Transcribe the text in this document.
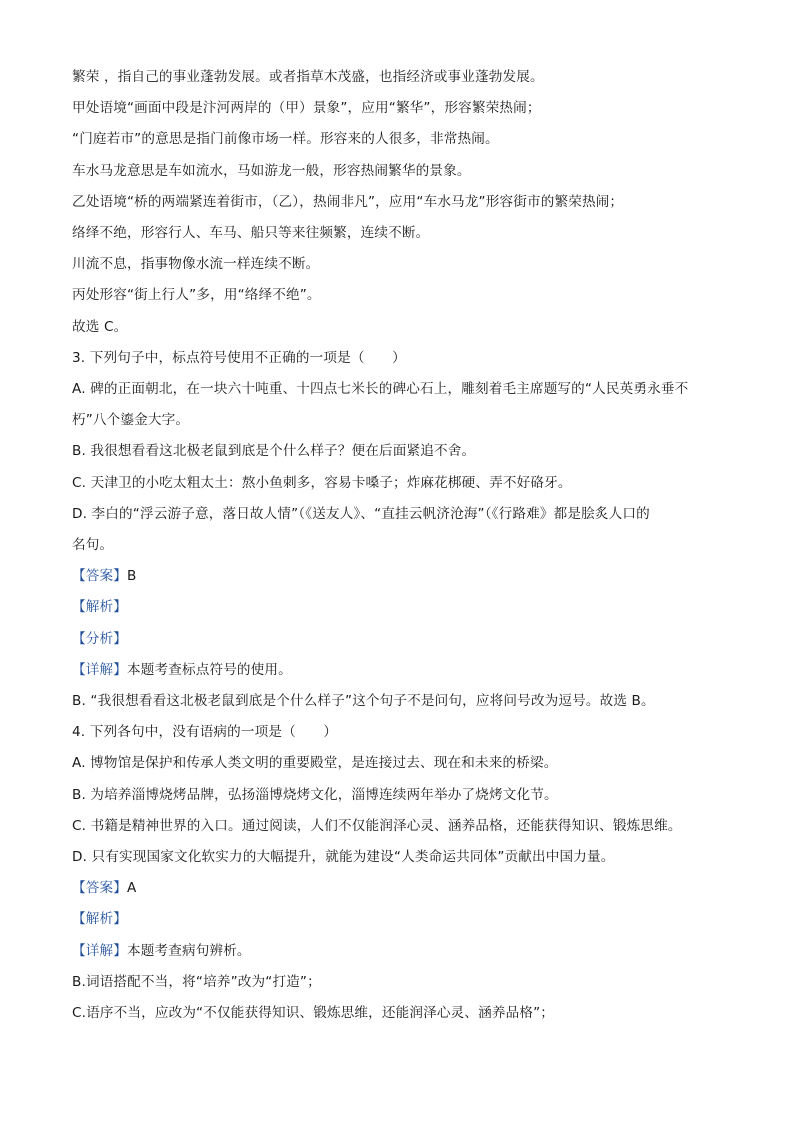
繁荣 ，指自己的事业蓬勃发展。或者指草木茂盛，也指经济或事业蓬勃发展。
甲处语境“画面中段是汴河两岸的（甲）景象”，应用“繁华”，形容繁荣热闹；
“门庭若市”的意思是指门前像市场一样。形容来的人很多，非常热闹。
车水马龙意思是车如流水，马如游龙一般，形容热闹繁华的景象。
乙处语境“桥的两端紧连着街市，（乙），热闹非凡”，应用“车水马龙”形容街市的繁荣热闹；
络绎不绝，形容行人、车马、船只等来往频繁，连续不断。
川流不息，指事物像水流一样连续不断。
丙处形容“街上行人”多，用“络绎不绝”。
故选 C。
3. 下列句子中，标点符号使用不正确的一项是（　　）
A. 碑的正面朝北，在一块六十吨重、十四点七米长的碑心石上，雕刻着毛主席题写的“人民英勇永垂不
朽”八个鎏金大字。
B. 我很想看看这北极老鼠到底是个什么样子？便在后面紧追不舍。
C. 天津卫的小吃太粗太土：熬小鱼刺多，容易卡嗓子；炸麻花梆硬、弄不好硌牙。
D. 李白的“浮云游子意，落日故人情”（《送友人》、“直挂云帆济沧海”（《行路难》都是脍炙人口的
名句。
【答案】B
【解析】
【分析】
【详解】本题考查标点符号的使用。
B. “我很想看看这北极老鼠到底是个什么样子”这个句子不是问句，应将问号改为逗号。故选 B。
4. 下列各句中，没有语病的一项是（　　）
A. 博物馆是保护和传承人类文明的重要殿堂，是连接过去、现在和未来的桥梁。
B. 为培养淄博烧烤品牌，弘扬淄博烧烤文化，淄博连续两年举办了烧烤文化节。
C. 书籍是精神世界的入口。通过阅读，人们不仅能润泽心灵、涵养品格，还能获得知识、锻炼思维。
D. 只有实现国家文化软实力的大幅提升，就能为建设“人类命运共同体”贡献出中国力量。
【答案】A
【解析】
【详解】本题考查病句辨析。
B.词语搭配不当，将“培养”改为“打造”；
C.语序不当，应改为“不仅能获得知识、锻炼思维，还能润泽心灵、涵养品格”；
